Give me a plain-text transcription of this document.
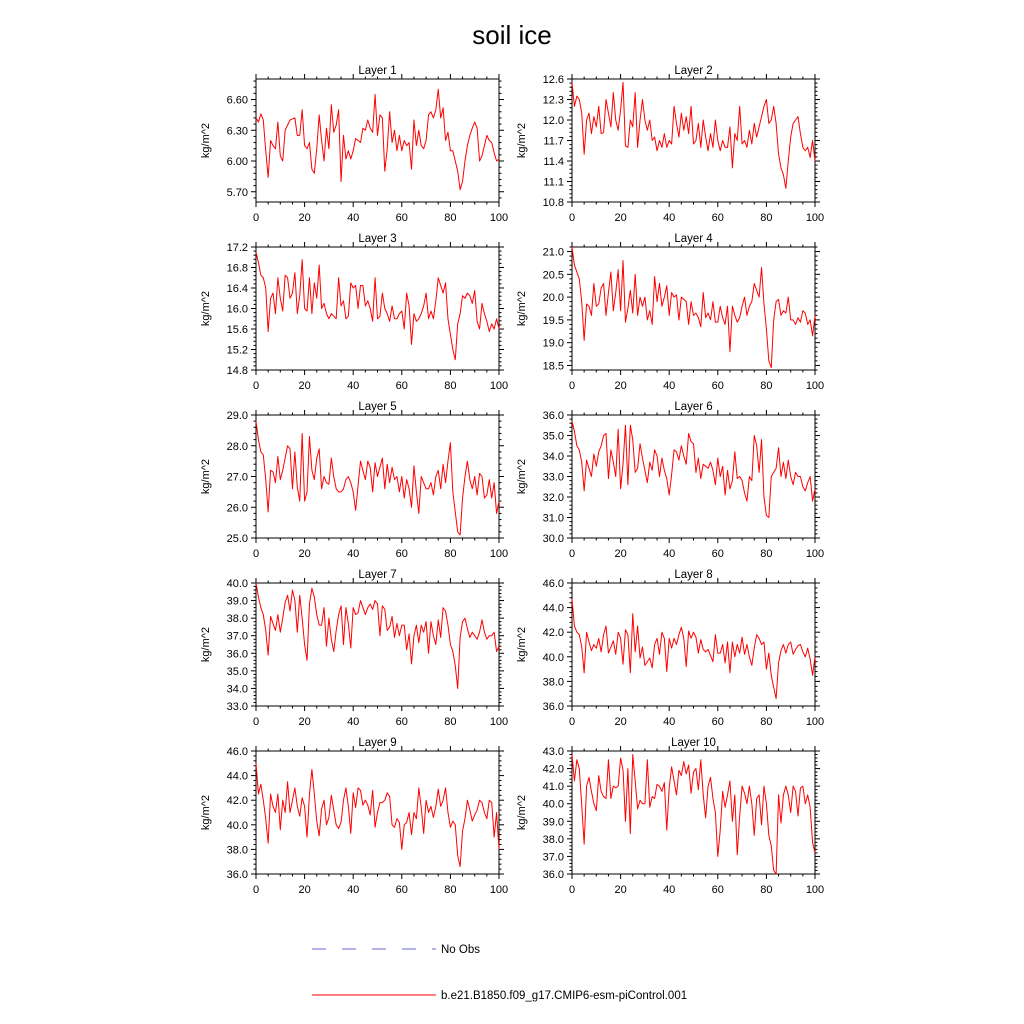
soil ice
Layer 1
kg/m^2
0	20	40	60	80	100
5.70
6.00
6.30
6.60
Layer 2
kg/m^2
0	20	40	60	80	100
10.8
11.1
11.4
11.7
12.0
12.3
12.6
Layer 3
kg/m^2
0	20	40	60	80	100
14.8
15.2
15.6
16.0
16.4
16.8
17.2
Layer 4
kg/m^2
0	20	40	60	80	100
18.5
19.0
19.5
20.0
20.5
21.0
Layer 5
kg/m^2
0	20	40	60	80	100
25.0
26.0
27.0
28.0
29.0
Layer 6
kg/m^2
0	20	40	60	80	100
30.0
31.0
32.0
33.0
34.0
35.0
36.0
Layer 7
kg/m^2
0	20	40	60	80	100
33.0
34.0
35.0
36.0
37.0
38.0
39.0
40.0
Layer 8
kg/m^2
0	20	40	60	80	100
36.0
38.0
40.0
42.0
44.0
46.0
Layer 9
kg/m^2
0	20	40	60	80	100
36.0
38.0
40.0
42.0
44.0
46.0
Layer 10
kg/m^2
0	20	40	60	80	100
36.0
37.0
38.0
39.0
40.0
41.0
42.0
43.0
No Obs
b.e21.B1850.f09_g17.CMIP6-esm-piControl.001
